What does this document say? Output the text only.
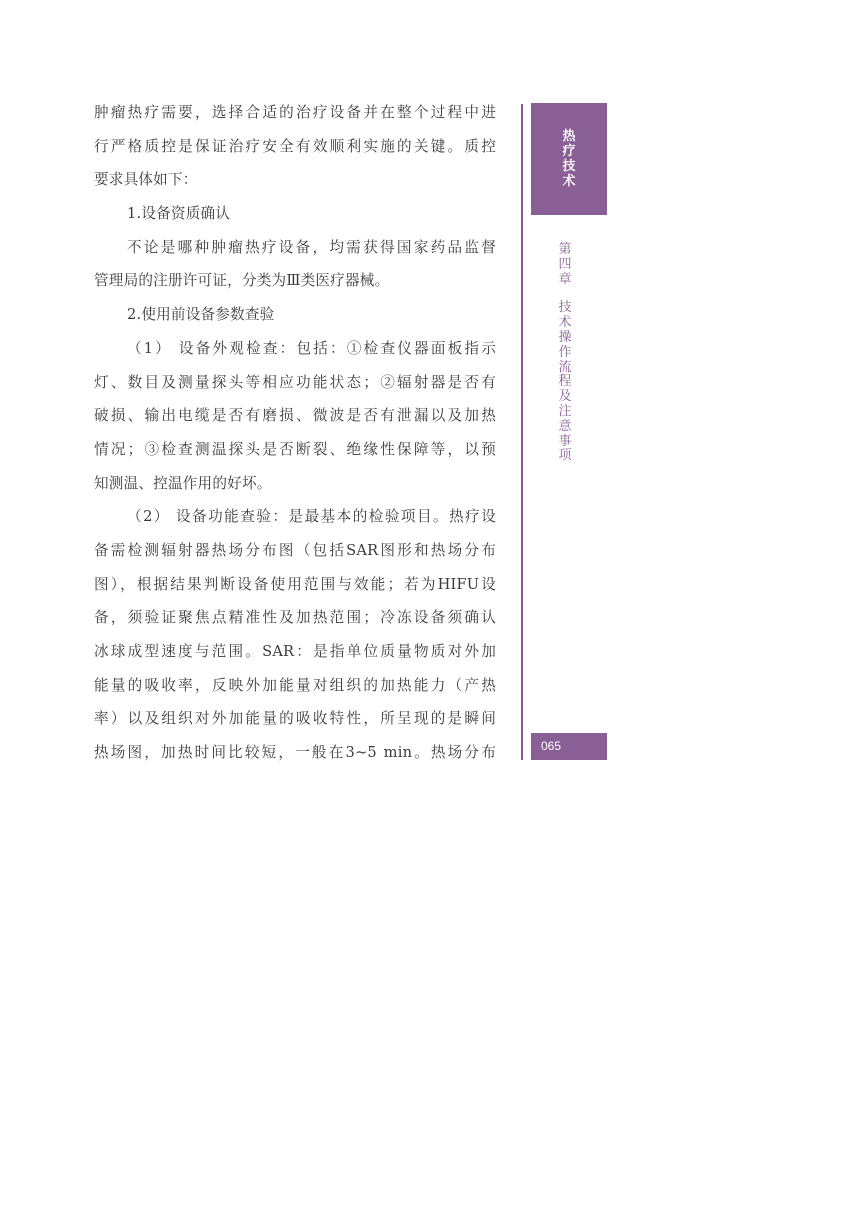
肿瘤热疗需要，选择合适的治疗设备并在整个过程中进
行严格质控是保证治疗安全有效顺利实施的关键。质控
要求具体如下：
1.设备资质确认
不论是哪种肿瘤热疗设备，均需获得国家药品监督
管理局的注册许可证，分类为Ⅲ类医疗器械。
2.使用前设备参数查验
（1） 设备外观检查：包括：①检查仪器面板指示
灯、数目及测量探头等相应功能状态；②辐射器是否有
破损、输出电缆是否有磨损、微波是否有泄漏以及加热
情况；③检查测温探头是否断裂、绝缘性保障等，以预
知测温、控温作用的好坏。
（2） 设备功能查验：是最基本的检验项目。热疗设
备需检测辐射器热场分布图（包括SAR图形和热场分布
图），根据结果判断设备使用范围与效能；若为HIFU设
备，须验证聚焦点精准性及加热范围；冷冻设备须确认
冰球成型速度与范围。SAR：是指单位质量物质对外加
能量的吸收率，反映外加能量对组织的加热能力（产热
率）以及组织对外加能量的吸收特性，所呈现的是瞬间
热场图，加热时间比较短，一般在3~5 min。热场分布
热
疗
技
术
第
四
章
技
术
操
作
流
程
及
注
意
事
项
065
